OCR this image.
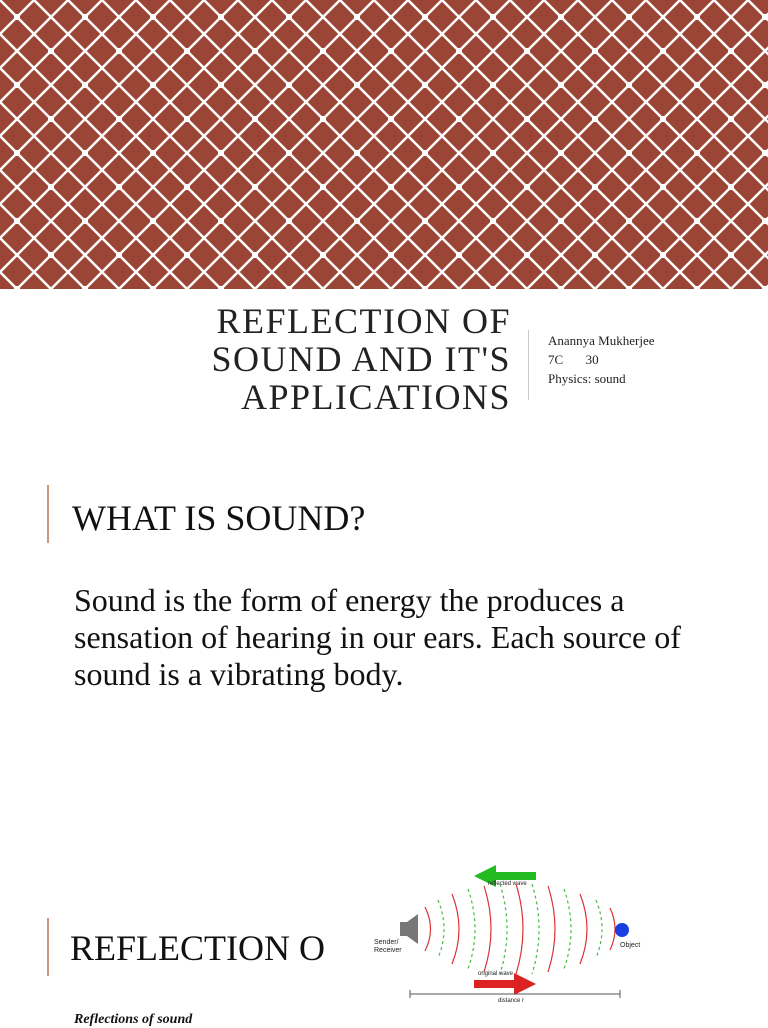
REFLECTION OF
SOUND AND IT'S
APPLICATIONS
Anannya Mukherjee
7C 30
Physics: sound
WHAT IS SOUND?
Sound is the form of energy the produces a sensation of hearing in our ears. Each source of sound is a vibrating body.
REFLECTION O
reflected wave
Sender/
Receiver
Object
original wave
distance r
Reflections of sound
